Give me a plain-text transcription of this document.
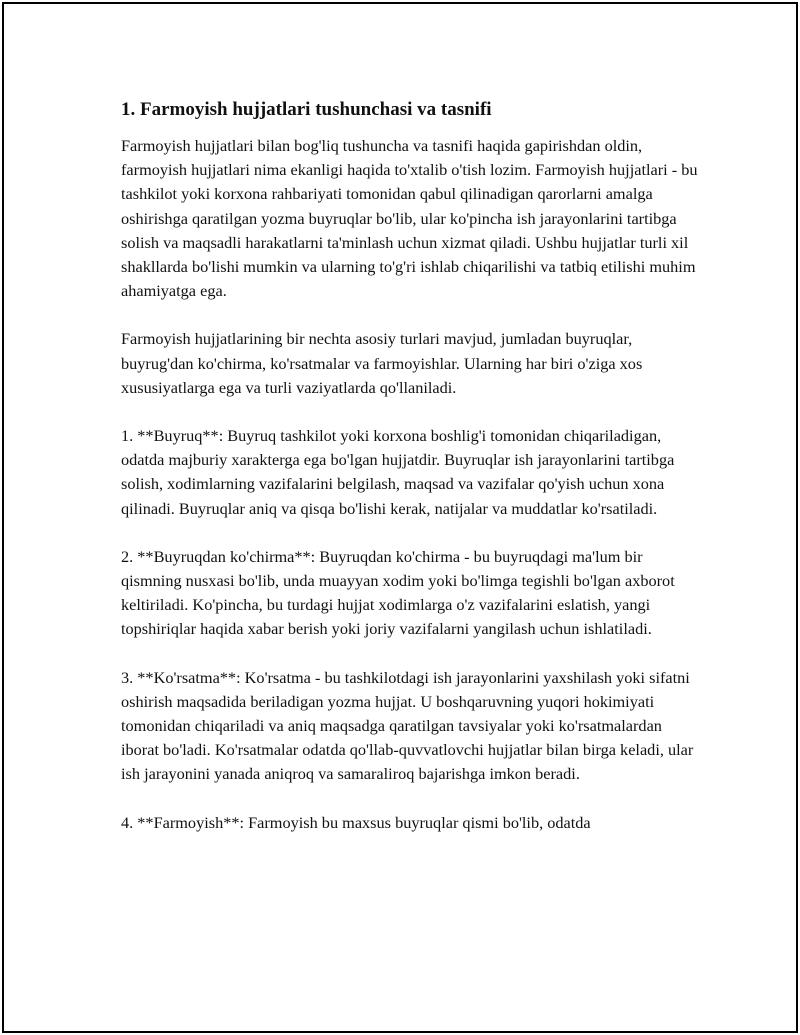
1. Farmoyish hujjatlari tushunchasi va tasnifi

Farmoyish hujjatlari bilan bog'liq tushuncha va tasnifi haqida gapirishdan oldin, farmoyish hujjatlari nima ekanligi haqida to'xtalib o'tish lozim. Farmoyish hujjatlari - bu tashkilot yoki korxona rahbariyati tomonidan qabul qilinadigan qarorlarni amalga oshirishga qaratilgan yozma buyruqlar bo'lib, ular ko'pincha ish jarayonlarini tartibga solish va maqsadli harakatlarni ta'minlash uchun xizmat qiladi. Ushbu hujjatlar turli xil shakllarda bo'lishi mumkin va ularning to'g'ri ishlab chiqarilishi va tatbiq etilishi muhim ahamiyatga ega.

Farmoyish hujjatlarining bir nechta asosiy turlari mavjud, jumladan buyruqlar, buyrug'dan ko'chirma, ko'rsatmalar va farmoyishlar. Ularning har biri o'ziga xos xususiyatlarga ega va turli vaziyatlarda qo'llaniladi.

1. **Buyruq**: Buyruq tashkilot yoki korxona boshlig'i tomonidan chiqariladigan, odatda majburiy xarakterga ega bo'lgan hujjatdir. Buyruqlar ish jarayonlarini tartibga solish, xodimlarning vazifalarini belgilash, maqsad va vazifalar qo'yish uchun xona qilinadi. Buyruqlar aniq va qisqa bo'lishi kerak, natijalar va muddatlar ko'rsatiladi.

2. **Buyruqdan ko'chirma**: Buyruqdan ko'chirma - bu buyruqdagi ma'lum bir qismning nusxasi bo'lib, unda muayyan xodim yoki bo'limga tegishli bo'lgan axborot keltiriladi. Ko'pincha, bu turdagi hujjat xodimlarga o'z vazifalarini eslatish, yangi topshiriqlar haqida xabar berish yoki joriy vazifalarni yangilash uchun ishlatiladi.

3. **Ko'rsatma**: Ko'rsatma - bu tashkilotdagi ish jarayonlarini yaxshilash yoki sifatni oshirish maqsadida beriladigan yozma hujjat. U boshqaruvning yuqori hokimiyati tomonidan chiqariladi va aniq maqsadga qaratilgan tavsiyalar yoki ko'rsatmalardan iborat bo'ladi. Ko'rsatmalar odatda qo'llab-quvvatlovchi hujjatlar bilan birga keladi, ular ish jarayonini yanada aniqroq va samaraliroq bajarishga imkon beradi.

4. **Farmoyish**: Farmoyish bu maxsus buyruqlar qismi bo'lib, odatda
